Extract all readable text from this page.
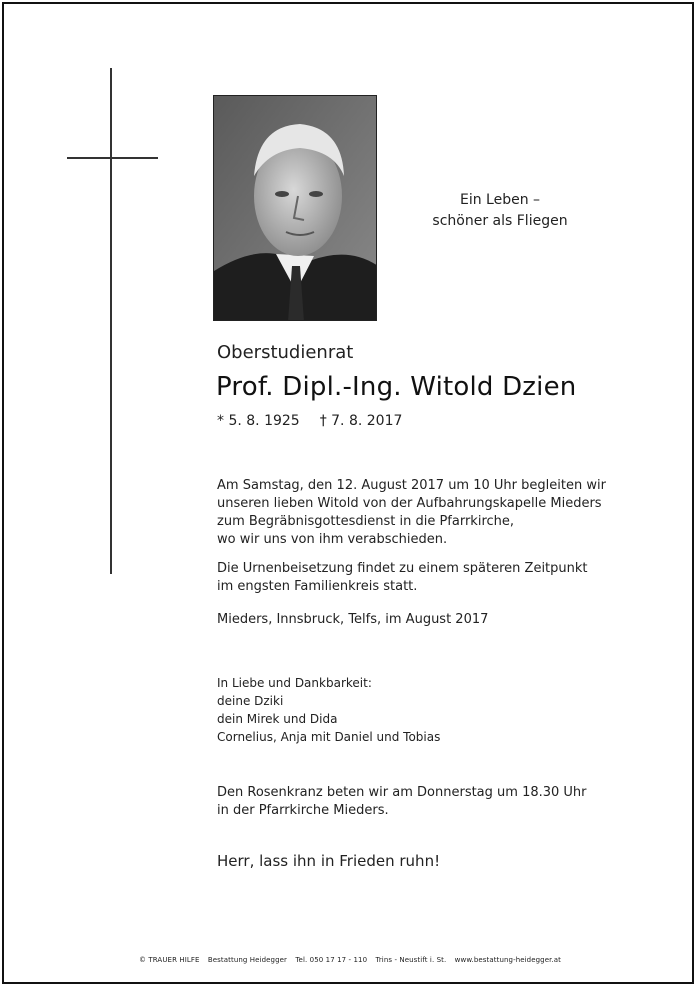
Ein Leben –
schöner als Fliegen
Oberstudienrat
Prof. Dipl.-Ing. Witold Dzien
* 5. 8. 1925 † 7. 8. 2017
Am Samstag, den 12. August 2017 um 10 Uhr begleiten wir
unseren lieben Witold von der Aufbahrungskapelle Mieders
zum Begräbnisgottesdienst in die Pfarrkirche,
wo wir uns von ihm verabschieden.
Die Urnenbeisetzung findet zu einem späteren Zeitpunkt
im engsten Familienkreis statt.
Mieders, Innsbruck, Telfs, im August 2017
In Liebe und Dankbarkeit:
deine Dziki
dein Mirek und Dida
Cornelius, Anja mit Daniel und Tobias
Den Rosenkranz beten wir am Donnerstag um 18.30 Uhr
in der Pfarrkirche Mieders.
Herr, lass ihn in Frieden ruhn!
© TRAUER HILFE Bestattung Heidegger Tel. 050 17 17 - 110 Trins - Neustift i. St. www.bestattung-heidegger.at
